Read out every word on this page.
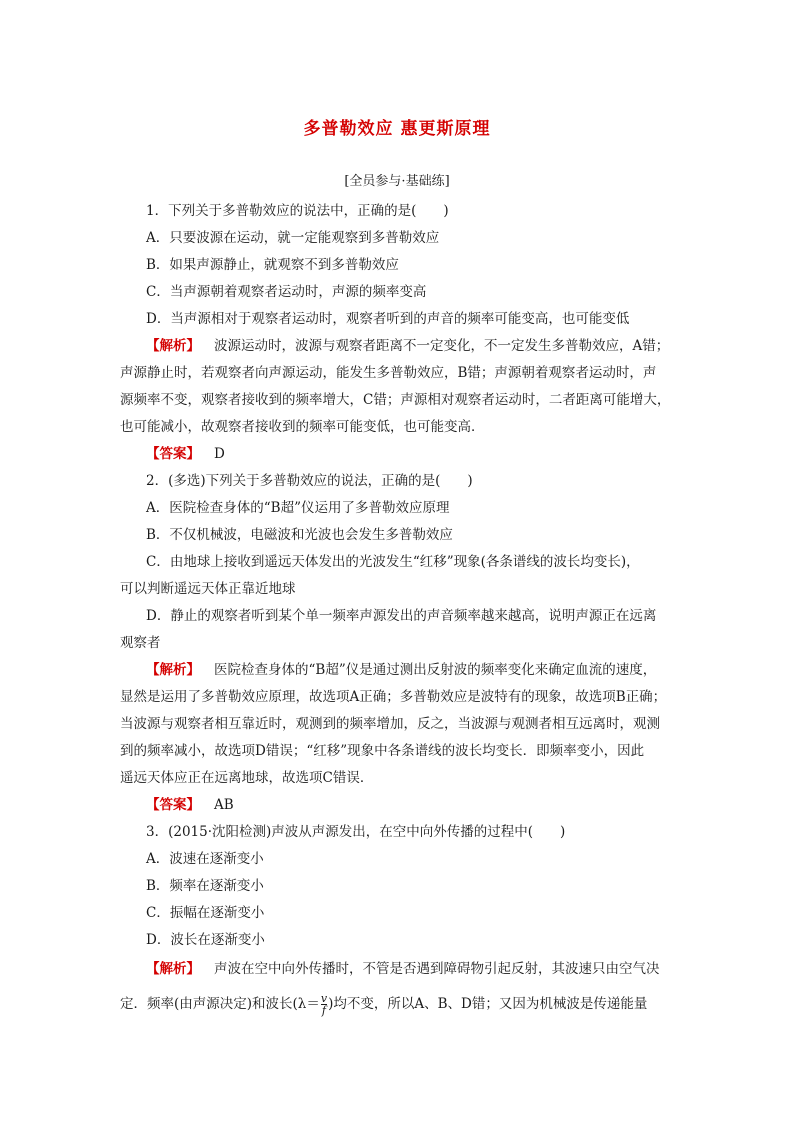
多普勒效应 惠更斯原理
[全员参与·基础练]
1．下列关于多普勒效应的说法中，正确的是(　　)
A．只要波源在运动，就一定能观察到多普勒效应
B．如果声源静止，就观察不到多普勒效应
C．当声源朝着观察者运动时，声源的频率变高
D．当声源相对于观察者运动时，观察者听到的声音的频率可能变高，也可能变低
【解析】 波源运动时，波源与观察者距离不一定变化，不一定发生多普勒效应，A错；
声源静止时，若观察者向声源运动，能发生多普勒效应，B错；声源朝着观察者运动时，声
源频率不变，观察者接收到的频率增大，C错；声源相对观察者运动时，二者距离可能增大，
也可能减小，故观察者接收到的频率可能变低，也可能变高．
【答案】 D
2．(多选)下列关于多普勒效应的说法，正确的是(　　)
A．医院检查身体的“B超”仪运用了多普勒效应原理
B．不仅机械波，电磁波和光波也会发生多普勒效应
C．由地球上接收到遥远天体发出的光波发生“红移”现象(各条谱线的波长均变长)，
可以判断遥远天体正靠近地球
D．静止的观察者听到某个单一频率声源发出的声音频率越来越高，说明声源正在远离
观察者
【解析】 医院检查身体的“B超”仪是通过测出反射波的频率变化来确定血流的速度，
显然是运用了多普勒效应原理，故选项A正确；多普勒效应是波特有的现象，故选项B正确；
当波源与观察者相互靠近时，观测到的频率增加，反之，当波源与观测者相互远离时，观测
到的频率减小，故选项D错误；“红移”现象中各条谱线的波长均变长．即频率变小，因此
遥远天体应正在远离地球，故选项C错误．
【答案】 AB
3．(2015·沈阳检测)声波从声源发出，在空中向外传播的过程中(　　)
A．波速在逐渐变小
B．频率在逐渐变小
C．振幅在逐渐变小
D．波长在逐渐变小
【解析】 声波在空中向外传播时，不管是否遇到障碍物引起反射，其波速只由空气决
定．频率(由声源决定)和波长($\lambda= \frac{v}{f}$ )均不变，所以A、B、D错；又因为机械波是传递能量
